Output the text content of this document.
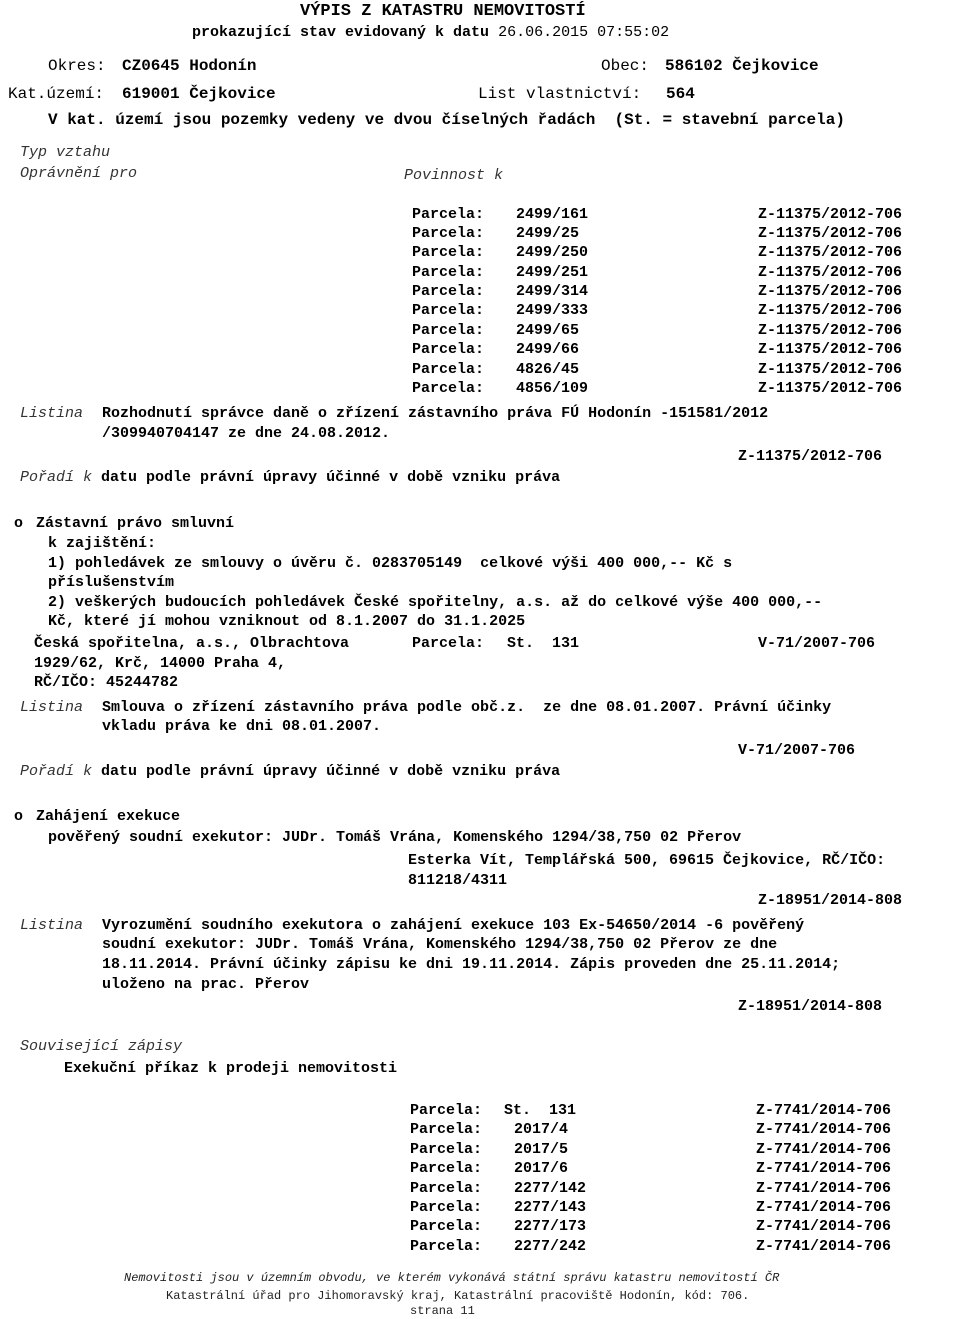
VÝPIS Z KATASTRU NEMOVITOSTÍ
prokazující stav evidovaný k datu 26.06.2015 07:55:02
Okres: CZ0645 Hodonín	Obec: 586102 Čejkovice
Kat.území: 619001 Čejkovice	List vlastnictví: 564
V kat. území jsou pozemky vedeny ve dvou číselných řadách  (St. = stavební parcela)
Typ vztahu
Oprávnění pro	Povinnost k
Parcela: 2499/161	Z-11375/2012-706
Parcela: 2499/25	Z-11375/2012-706
Parcela: 2499/250	Z-11375/2012-706
Parcela: 2499/251	Z-11375/2012-706
Parcela: 2499/314	Z-11375/2012-706
Parcela: 2499/333	Z-11375/2012-706
Parcela: 2499/65	Z-11375/2012-706
Parcela: 2499/66	Z-11375/2012-706
Parcela: 4826/45	Z-11375/2012-706
Parcela: 4856/109	Z-11375/2012-706
Listina Rozhodnutí správce daně o zřízení zástavního práva FÚ Hodonín -151581/2012
/309940704147 ze dne 24.08.2012.
Z-11375/2012-706
Pořadí k datu podle právní úpravy účinné v době vzniku práva
o Zástavní právo smluvní
k zajištění:
1) pohledávek ze smlouvy o úvěru č. 0283705149  celkové výši 400 000,-- Kč s
příslušenstvím
2) veškerých budoucích pohledávek České spořitelny, a.s. až do celkové výše 400 000,--
Kč, které jí mohou vzniknout od 8.1.2007 do 31.1.2025
Česká spořitelna, a.s., Olbrachtova
1929/62, Krč, 14000 Praha 4,
RČ/IČO: 45244782
Parcela: St.  131	V-71/2007-706
Listina Smlouva o zřízení zástavního práva podle obč.z.  ze dne 08.01.2007. Právní účinky
vkladu práva ke dni 08.01.2007.
V-71/2007-706
Pořadí k datu podle právní úpravy účinné v době vzniku práva
o Zahájení exekuce
pověřený soudní exekutor: JUDr. Tomáš Vrána, Komenského 1294/38,750 02 Přerov
Esterka Vít, Templářská 500, 69615 Čejkovice, RČ/IČO:
811218/4311
Z-18951/2014-808
Listina Vyrozumění soudního exekutora o zahájení exekuce 103 Ex-54650/2014 -6 pověřený
soudní exekutor: JUDr. Tomáš Vrána, Komenského 1294/38,750 02 Přerov ze dne
18.11.2014. Právní účinky zápisu ke dni 19.11.2014. Zápis proveden dne 25.11.2014;
uloženo na prac. Přerov
Z-18951/2014-808
Související zápisy
Exekuční příkaz k prodeji nemovitosti
Parcela: St.  131	Z-7741/2014-706
Parcela: 2017/4	Z-7741/2014-706
Parcela: 2017/5	Z-7741/2014-706
Parcela: 2017/6	Z-7741/2014-706
Parcela: 2277/142	Z-7741/2014-706
Parcela: 2277/143	Z-7741/2014-706
Parcela: 2277/173	Z-7741/2014-706
Parcela: 2277/242	Z-7741/2014-706
Nemovitosti jsou v územním obvodu, ve kterém vykonává státní správu katastru nemovitostí ČR
Katastrální úřad pro Jihomoravský kraj, Katastrální pracoviště Hodonín, kód: 706.
strana 11
